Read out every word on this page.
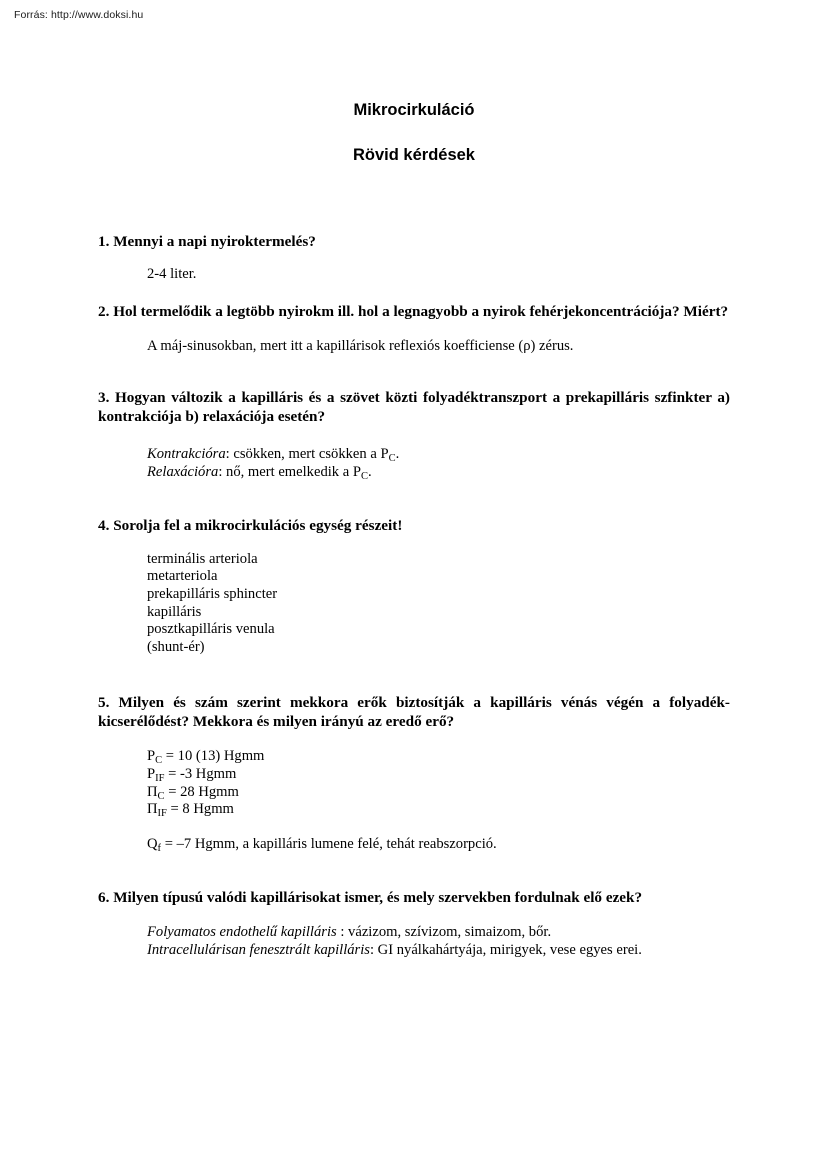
Forrás: http://www.doksi.hu
Mikrocirkuláció
Rövid kérdések
1. Mennyi a napi nyiroktermelés?
2-4 liter.
2. Hol termelődik a legtöbb nyirokm ill. hol a legnagyobb a nyirok fehérjekoncentrációja? Miért?
A máj-sinusokban, mert itt a kapillárisok reflexiós koefficiense (ρ) zérus.
3. Hogyan változik a kapilláris és a szövet közti folyadéktranszport a prekapilláris szfinkter a) kontrakciója b) relaxációja esetén?
Kontrakcióra: csökken, mert csökken a $P_C$.
Relaxációra: nő, mert emelkedik a $P_C$.
4. Sorolja fel a mikrocirkulációs egység részeit!
terminális arteriola
metarteriola
prekapilláris sphincter
kapilláris
posztkapilláris venula
(shunt-ér)
5. Milyen és szám szerint mekkora erők biztosítják a kapilláris vénás végén a folyadék-kicserélődést? Mekkora és milyen irányú az eredő erő?
$P_C = 10$ (13) Hgmm
$P_{IF} = -3$ Hgmm
$\Pi_C = 28$ Hgmm
$\Pi_{IF} = 8$ Hgmm
$Q_f = -7$ Hgmm, a kapilláris lumene felé, tehát reabszorpció.
6. Milyen típusú valódi kapillárisokat ismer, és mely szervekben fordulnak elő ezek?
Folyamatos endothelű kapilláris : vázizom, szívizom, simaizom, bőr.
Intracellulárisan fenesztrált kapilláris: GI nyálkahártyája, mirigyek, vese egyes erei.
